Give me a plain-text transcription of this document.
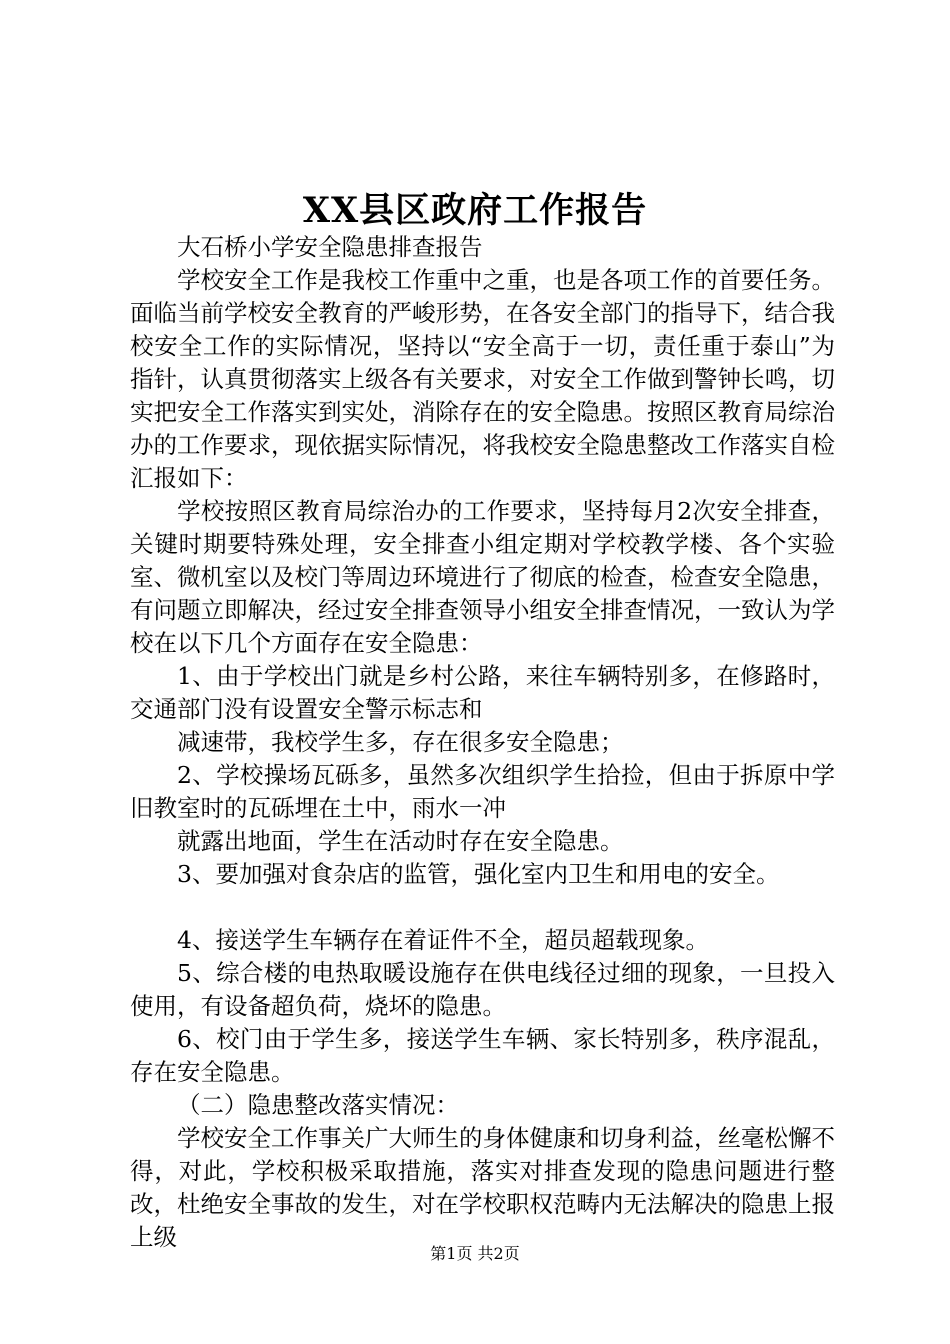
XX县区政府工作报告

大石桥小学安全隐患排查报告

学校安全工作是我校工作重中之重，也是各项工作的首要任务。面临当前学校安全教育的严峻形势，在各安全部门的指导下，结合我校安全工作的实际情况，坚持以“安全高于一切，责任重于泰山”为指针，认真贯彻落实上级各有关要求，对安全工作做到警钟长鸣，切实把安全工作落实到实处，消除存在的安全隐患。按照区教育局综治办的工作要求，现依据实际情况，将我校安全隐患整改工作落实自检汇报如下：

学校按照区教育局综治办的工作要求，坚持每月2次安全排查，关键时期要特殊处理，安全排查小组定期对学校教学楼、各个实验室、微机室以及校门等周边环境进行了彻底的检查，检查安全隐患，有问题立即解决，经过安全排查领导小组安全排查情况，一致认为学校在以下几个方面存在安全隐患：

1、由于学校出门就是乡村公路，来往车辆特别多，在修路时，交通部门没有设置安全警示标志和

减速带，我校学生多，存在很多安全隐患；

2、学校操场瓦砾多，虽然多次组织学生拾捡，但由于拆原中学旧教室时的瓦砾埋在土中，雨水一冲

就露出地面，学生在活动时存在安全隐患。

3、要加强对食杂店的监管，强化室内卫生和用电的安全。

4、接送学生车辆存在着证件不全，超员超载现象。

5、综合楼的电热取暖设施存在供电线径过细的现象，一旦投入使用，有设备超负荷，烧坏的隐患。

6、校门由于学生多，接送学生车辆、家长特别多，秩序混乱，存在安全隐患。

（二）隐患整改落实情况：

学校安全工作事关广大师生的身体健康和切身利益，丝毫松懈不得，对此，学校积极采取措施，落实对排查发现的隐患问题进行整改，杜绝安全事故的发生，对在学校职权范畴内无法解决的隐患上报上级

第1页 共2页
